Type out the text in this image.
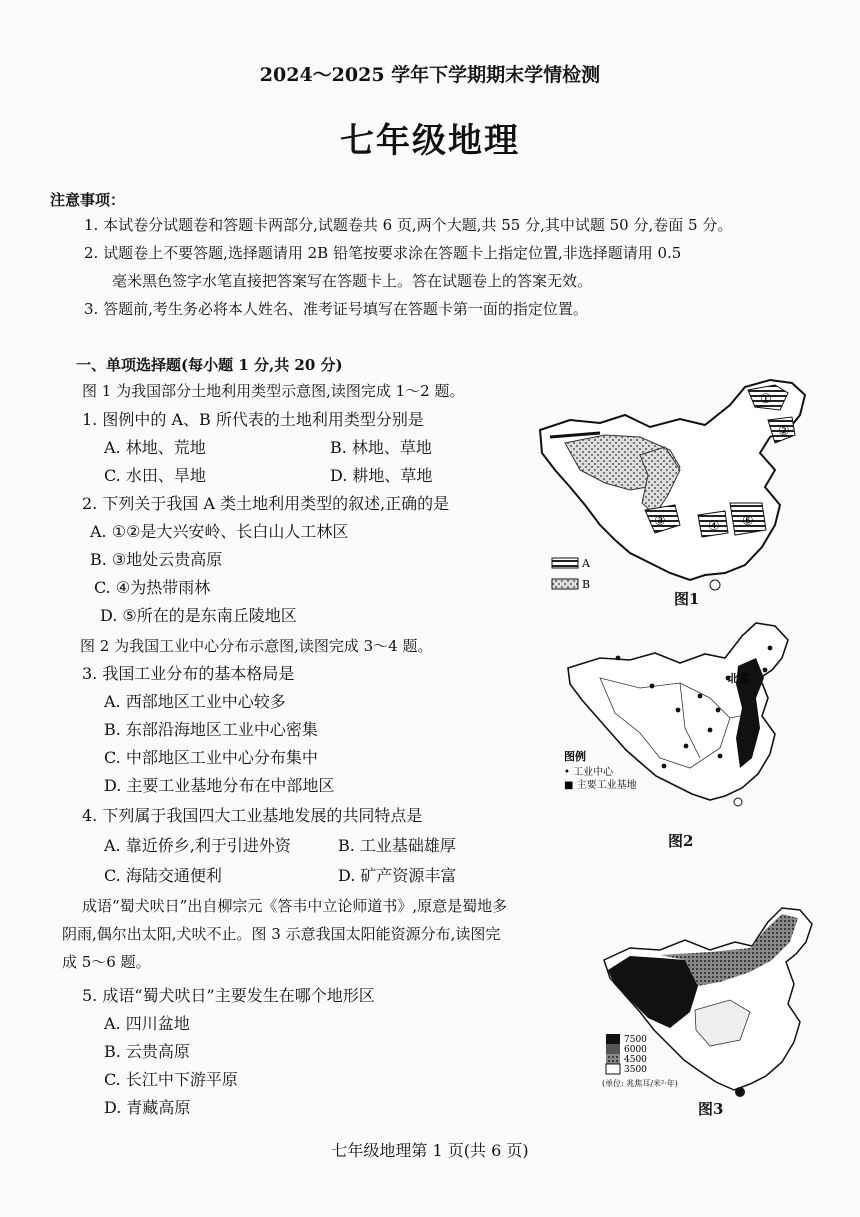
2024～2025 学年下学期期末学情检测
七年级地理
注意事项：
1. 本试卷分试题卷和答题卡两部分,试题卷共 6 页,两个大题,共 55 分,其中试题 50 分,卷面 5 分。
2. 试题卷上不要答题,选择题请用 2B 铅笔按要求涂在答题卡上指定位置,非选择题请用 0.5
毫米黑色签字水笔直接把答案写在答题卡上。答在试题卷上的答案无效。
3. 答题前,考生务必将本人姓名、准考证号填写在答题卡第一面的指定位置。
一、单项选择题(每小题 1 分,共 20 分)
图 1 为我国部分土地利用类型示意图,读图完成 1～2 题。
1. 图例中的 A、B 所代表的土地利用类型分别是
A. 林地、荒地	B. 林地、草地
C. 水田、旱地	D. 耕地、草地
2. 下列关于我国 A 类土地利用类型的叙述,正确的是
A. ①②是大兴安岭、长白山人工林区
B. ③地处云贵高原
C. ④为热带雨林
D. ⑤所在的是东南丘陵地区
图 2 为我国工业中心分布示意图,读图完成 3～4 题。
3. 我国工业分布的基本格局是
A. 西部地区工业中心较多
B. 东部沿海地区工业中心密集
C. 中部地区工业中心分布集中
D. 主要工业基地分布在中部地区
4. 下列属于我国四大工业基地发展的共同特点是
A. 靠近侨乡,利于引进外资	B. 工业基础雄厚
C. 海陆交通便利	D. 矿产资源丰富
成语“蜀犬吠日”出自柳宗元《答韦中立论师道书》,原意是蜀地多
阴雨,偶尔出太阳,犬吠不止。图 3 示意我国太阳能资源分布,读图完
成 5～6 题。
5. 成语“蜀犬吠日”主要发生在哪个地形区
A. 四川盆地
B. 云贵高原
C. 长江中下游平原
D. 青藏高原
①
②
③	④ ⑤
A
B
图1
北京
图例
• 工业中心
■ 主要工业基地
图2
7500
6000
4500
3500
(单位: 兆焦耳/米²·年)
图3
七年级地理第 1 页(共 6 页)
